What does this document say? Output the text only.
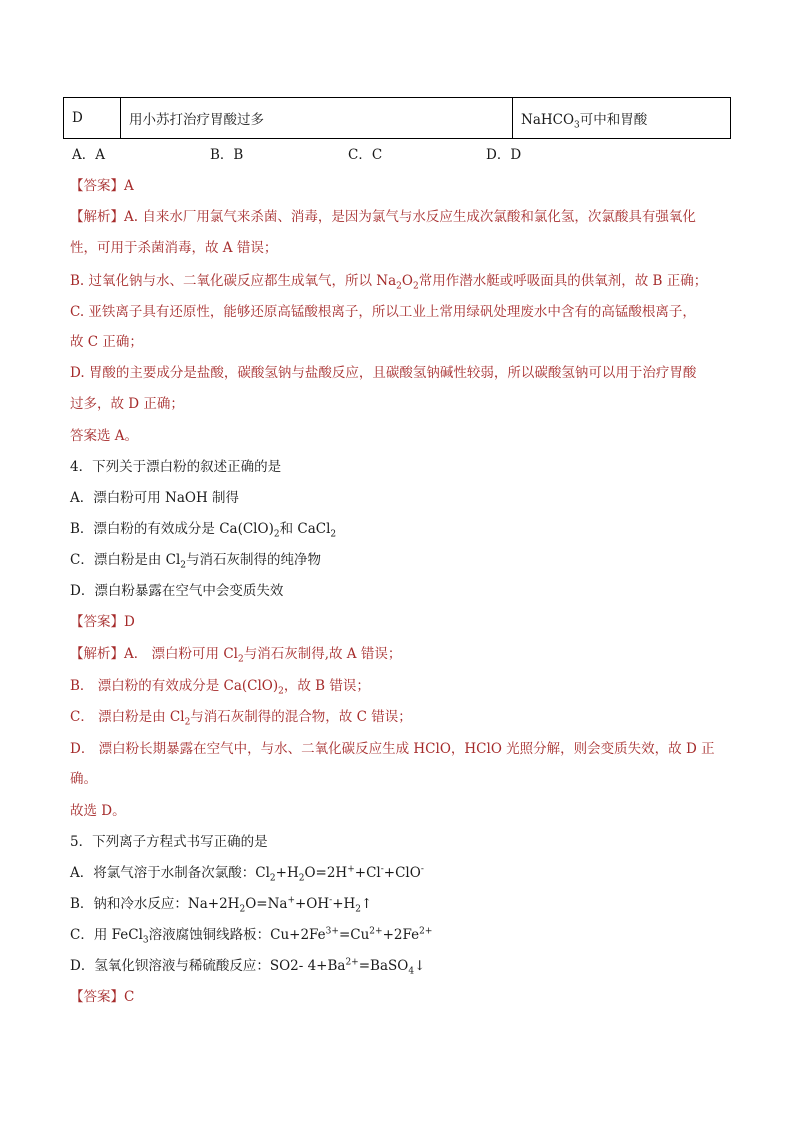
D	用小苏打治疗胃酸过多	NaHCO$_3$可中和胃酸
A．A	B．B	C．C	D．D
【答案】A
【解析】A. 自来水厂用氯气来杀菌、消毒，是因为氯气与水反应生成次氯酸和氯化氢，次氯酸具有强氧化
性，可用于杀菌消毒，故 A 错误；
B. 过氧化钠与水、二氧化碳反应都生成氧气，所以 $Na_2O_2$常用作潜水艇或呼吸面具的供氧剂，故 B 正确；
C. 亚铁离子具有还原性，能够还原高锰酸根离子，所以工业上常用绿矾处理废水中含有的高锰酸根离子，
故 C 正确；
D. 胃酸的主要成分是盐酸，碳酸氢钠与盐酸反应，且碳酸氢钠碱性较弱，所以碳酸氢钠可以用于治疗胃酸
过多，故 D 正确；
答案选 A。
4．下列关于漂白粉的叙述正确的是
A．漂白粉可用 NaOH 制得
B．漂白粉的有效成分是 $Ca(ClO)_2$和 CaCl$_2$
C．漂白粉是由 $Cl_2$与消石灰制得的纯净物
D．漂白粉暴露在空气中会变质失效
【答案】D
【解析】A． 漂白粉可用 $Cl_2$与消石灰制得,故 A 错误；
B． 漂白粉的有效成分是 $Ca(ClO)_2$，故 B 错误；
C． 漂白粉是由 $Cl_2$与消石灰制得的混合物，故 C 错误；
D． 漂白粉长期暴露在空气中，与水、二氧化碳反应生成 HClO，HClO 光照分解，则会变质失效，故 D 正
确。
故选 D。
5．下列离子方程式书写正确的是
A．将氯气溶于水制备次氯酸：$Cl_2+H_2O=2H^++Cl^-+ClO^-$
B．钠和冷水反应：$Na+2H_2O=Na^++OH^-+H_2↑$
C．用 FeCl$_3$溶液腐蚀铜线路板：$Cu+2Fe^{3+}=Cu^{2+}+2Fe^{2+}$
D．氢氧化钡溶液与稀硫酸反应：SO2- $4+Ba^{2+}=BaSO_4↓$
【答案】C
